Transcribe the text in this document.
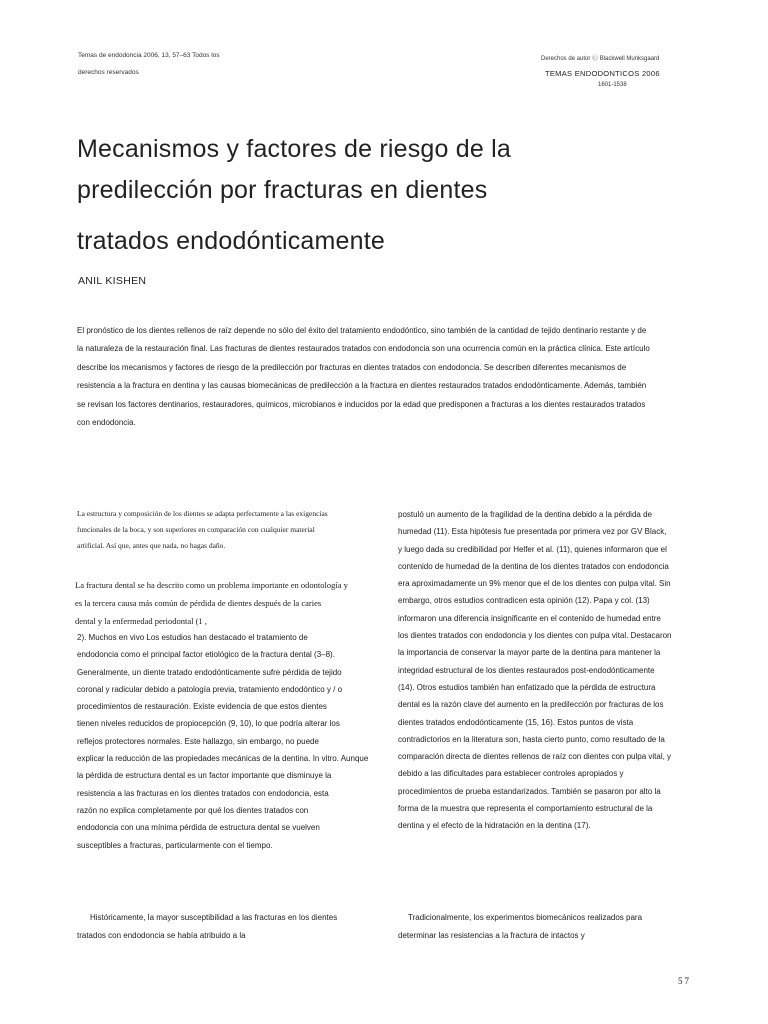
Temas de endodoncia 2006, 13, 57–63 Todos los
derechos reservados
Derechos de autor Ⓒ Blackwell Munksgaard
TEMAS ENDODONTICOS 2006
1601-1538
Mecanismos y factores de riesgo de la
predilección por fracturas en dientes
tratados endodónticamente
ANIL KISHEN

El pronóstico de los dientes rellenos de raíz depende no sólo del éxito del tratamiento endodóntico, sino también de la cantidad de tejido dentinario restante y de

la naturaleza de la restauración final. Las fracturas de dientes restaurados tratados con endodoncia son una ocurrencia común en la práctica clínica. Este artículo

describe los mecanismos y factores de riesgo de la predilección por fracturas en dientes tratados con endodoncia. Se describen diferentes mecanismos de

resistencia a la fractura en dentina y las causas biomecánicas de predilección a la fractura en dientes restaurados tratados endodónticamente. Además, también

se revisan los factores dentinarios, restauradores, químicos, microbianos e inducidos por la edad que predisponen a fracturas a los dientes restaurados tratados

con endodoncia.

La estructura y composición de los dientes se adapta perfectamente a las exigencias
funcionales de la boca, y son superiores en comparación con cualquier material
artificial. Así que, antes que nada, no hagas daño.
La fractura dental se ha descrito como un problema importante en odontología y
es la tercera causa más común de pérdida de dientes después de la caries
dental y la enfermedad periodontal (1 ,
2). Muchos en vivo Los estudios han destacado el tratamiento de
endodoncia como el principal factor etiológico de la fractura dental (3–8).
Generalmente, un diente tratado endodónticamente sufre pérdida de tejido
coronal y radicular debido a patología previa, tratamiento endodóntico y / o
procedimientos de restauración. Existe evidencia de que estos dientes
tienen niveles reducidos de propiocepción (9, 10), lo que podría alterar los
reflejos protectores normales. Este hallazgo, sin embargo, no puede
explicar la reducción de las propiedades mecánicas de la dentina. In vitro. Aunque
la pérdida de estructura dental es un factor importante que disminuye la
resistencia a las fracturas en los dientes tratados con endodoncia, esta
razón no explica completamente por qué los dientes tratados con
endodoncia con una mínima pérdida de estructura dental se vuelven
susceptibles a fracturas, particularmente con el tiempo.
postuló un aumento de la fragilidad de la dentina debido a la pérdida de
humedad (11). Esta hipótesis fue presentada por primera vez por GV Black,
y luego dada su credibilidad por Helfer et al. (11), quienes informaron que el
contenido de humedad de la dentina de los dientes tratados con endodoncia
era aproximadamente un 9% menor que el de los dientes con pulpa vital. Sin
embargo, otros estudios contradicen esta opinión (12). Papa y col. (13)
informaron una diferencia insignificante en el contenido de humedad entre
los dientes tratados con endodoncia y los dientes con pulpa vital. Destacaron
la importancia de conservar la mayor parte de la dentina para mantener la
integridad estructural de los dientes restaurados post-endodónticamente
(14). Otros estudios también han enfatizado que la pérdida de estructura
dental es la razón clave del aumento en la predilección por fracturas de los
dientes tratados endodónticamente (15, 16). Estos puntos de vista
contradictorios en la literatura son, hasta cierto punto, como resultado de la
comparación directa de dientes rellenos de raíz con dientes con pulpa vital, y
debido a las dificultades para establecer controles apropiados y
procedimientos de prueba estandarizados. También se pasaron por alto la
forma de la muestra que representa el comportamiento estructural de la
dentina y el efecto de la hidratación en la dentina (17).
Históricamente, la mayor susceptibilidad a las fracturas en los dientes
tratados con endodoncia se había atribuido a la
Tradicionalmente, los experimentos biomecánicos realizados para
determinar las resistencias a la fractura de intactos y
57
